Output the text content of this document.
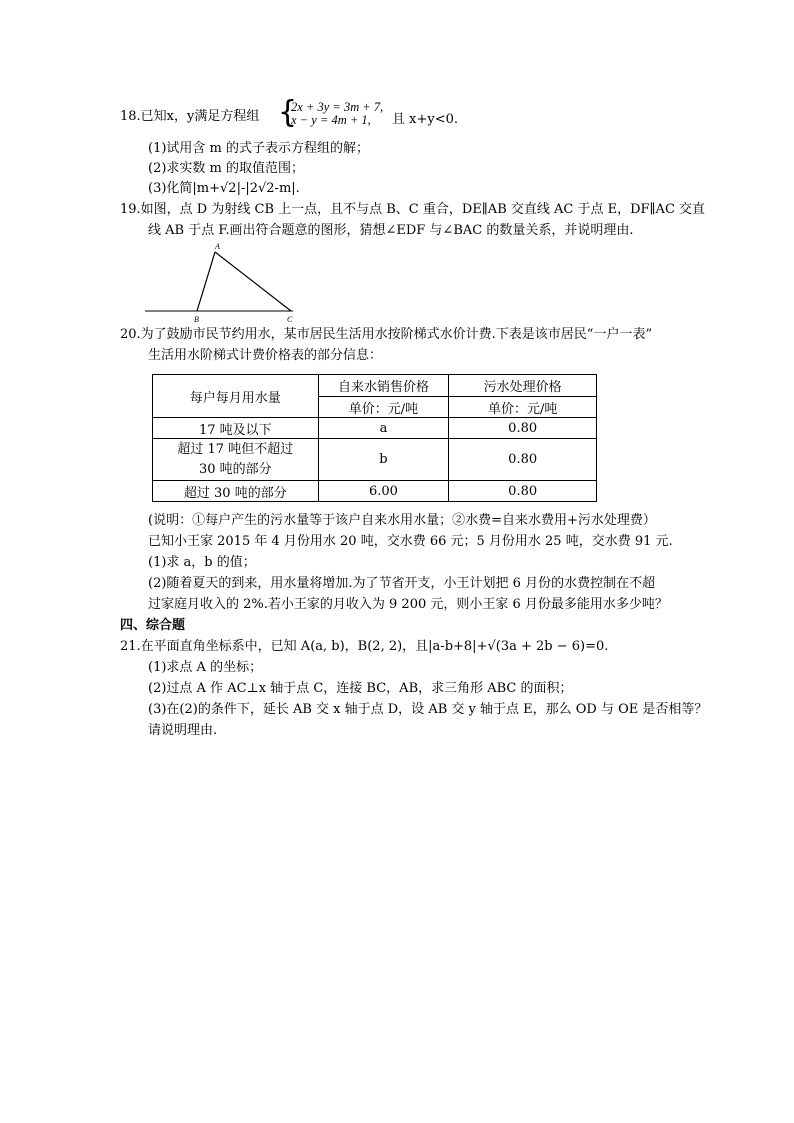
18.已知x，y满足方程组 {
2x + 3y = 3m + 7,
x − y = 4m + 1, 且 x+y<0.
(1)试用含 m 的式子表示方程组的解；
(2)求实数 m 的取值范围；
(3)化简|m+√2|-|2√2-m|.
19.如图，点 D 为射线 CB 上一点，且不与点 B、C 重合，DE∥AB 交直线 AC 于点 E，DF∥AC 交直
线 AB 于点 F.画出符合题意的图形，猜想∠EDF 与∠BAC 的数量关系，并说明理由.
A
B	C
20.为了鼓励市民节约用水，某市居民生活用水按阶梯式水价计费.下表是该市居民“一户一表”
生活用水阶梯式计费价格表的部分信息：
每户每月用水量	自来水销售价格	污水处理价格
	单价：元/吨	单价：元/吨
17 吨及以下	a	0.80

超过 17 吨但不超过
30 吨的部分	b	0.80
超过 30 吨的部分	6.00	0.80
(说明：①每户产生的污水量等于该户自来水用水量；②水费=自来水费用+污水处理费）
已知小王家 2015 年 4 月份用水 20 吨，交水费 66 元；5 月份用水 25 吨，交水费 91 元.
(1)求 a，b 的值；
(2)随着夏天的到来，用水量将增加.为了节省开支，小王计划把 6 月份的水费控制在不超
过家庭月收入的 2%.若小王家的月收入为 9 200 元，则小王家 6 月份最多能用水多少吨？
四、综合题
21.在平面直角坐标系中，已知 A(a, b)，B(2, 2)，且|a-b+8|+√(3a + 2b − 6)=0.
(1)求点 A 的坐标；
(2)过点 A 作 AC⊥x 轴于点 C，连接 BC，AB，求三角形 ABC 的面积；
(3)在(2)的条件下，延长 AB 交 x 轴于点 D，设 AB 交 y 轴于点 E，那么 OD 与 OE 是否相等？
请说明理由.
